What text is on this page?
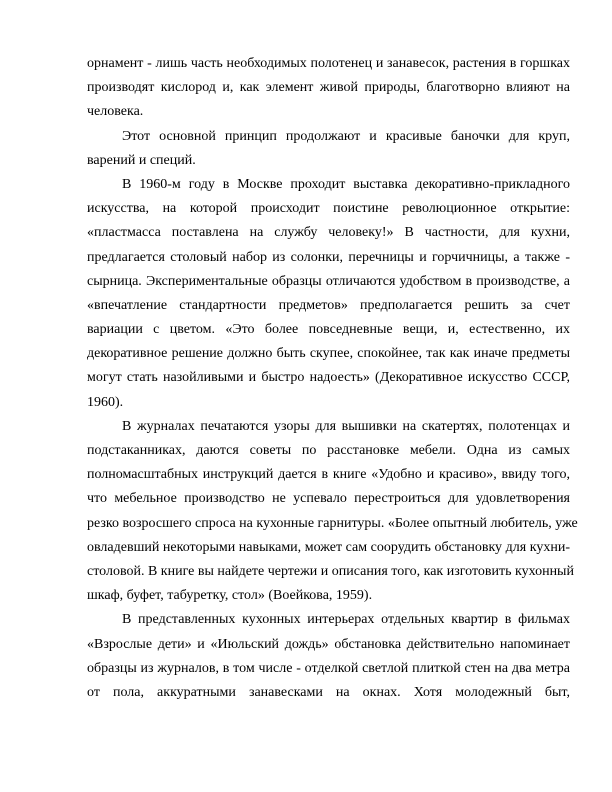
орнамент - лишь часть необходимых полотенец и занавесок, растения в горшках
производят кислород и, как элемент живой природы, благотворно влияют на
человека.
Этот основной принцип продолжают и красивые баночки для круп,
варений и специй.
В 1960-м году в Москве проходит выставка декоративно-прикладного
искусства, на которой происходит поистине революционное открытие:
«пластмасса поставлена на службу человеку!» В частности, для кухни,
предлагается столовый набор из солонки, перечницы и горчичницы, а также -
сырница. Экспериментальные образцы отличаются удобством в производстве, а
«впечатление стандартности предметов» предполагается решить за счет
вариации с цветом. «Это более повседневные вещи, и, естественно, их
декоративное решение должно быть скупее, спокойнее, так как иначе предметы
могут стать назойливыми и быстро надоесть» (Декоративное искусство СССР,
1960).
В журналах печатаются узоры для вышивки на скатертях, полотенцах и
подстаканниках, даются советы по расстановке мебели. Одна из самых
полномасштабных инструкций дается в книге «Удобно и красиво», ввиду того,
что мебельное производство не успевало перестроиться для удовлетворения
резко возросшего спроса на кухонные гарнитуры. «Более опытный любитель, уже
овладевший некоторыми навыками, может сам соорудить обстановку для кухни-
столовой. В книге вы найдете чертежи и описания того, как изготовить кухонный
шкаф, буфет, табуретку, стол» (Воейкова, 1959).
В представленных кухонных интерьерах отдельных квартир в фильмах
«Взрослые дети» и «Июльский дождь» обстановка действительно напоминает
образцы из журналов, в том числе - отделкой светлой плиткой стен на два метра
от пола, аккуратными занавесками на окнах. Хотя молодежный быт,
